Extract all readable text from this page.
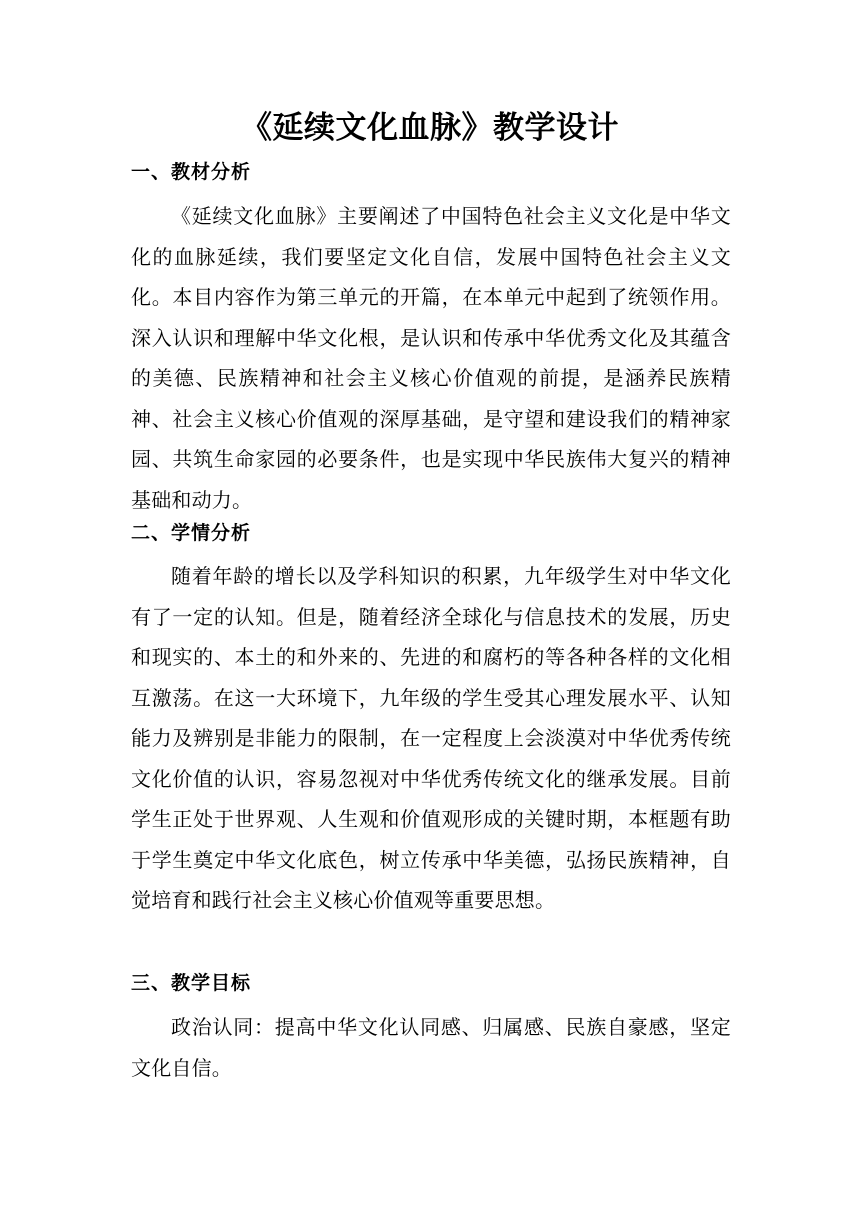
《延续文化血脉》教学设计
一、教材分析

《延续文化血脉》主要阐述了中国特色社会主义文化是中华文化的血脉延续，我们要坚定文化自信，发展中国特色社会主义文化。本目内容作为第三单元的开篇，在本单元中起到了统领作用。深入认识和理解中华文化根，是认识和传承中华优秀文化及其蕴含的美德、民族精神和社会主义核心价值观的前提，是涵养民族精神、社会主义核心价值观的深厚基础，是守望和建设我们的精神家园、共筑生命家园的必要条件，也是实现中华民族伟大复兴的精神基础和动力。

二、学情分析

随着年龄的增长以及学科知识的积累，九年级学生对中华文化有了一定的认知。但是，随着经济全球化与信息技术的发展，历史和现实的、本土的和外来的、先进的和腐朽的等各种各样的文化相互激荡。在这一大环境下，九年级的学生受其心理发展水平、认知能力及辨别是非能力的限制，在一定程度上会淡漠对中华优秀传统文化价值的认识，容易忽视对中华优秀传统文化的继承发展。目前学生正处于世界观、人生观和价值观形成的关键时期，本框题有助于学生奠定中华文化底色，树立传承中华美德，弘扬民族精神，自觉培育和践行社会主义核心价值观等重要思想。

三、教学目标

政治认同：提高中华文化认同感、归属感、民族自豪感，坚定文化自信。
